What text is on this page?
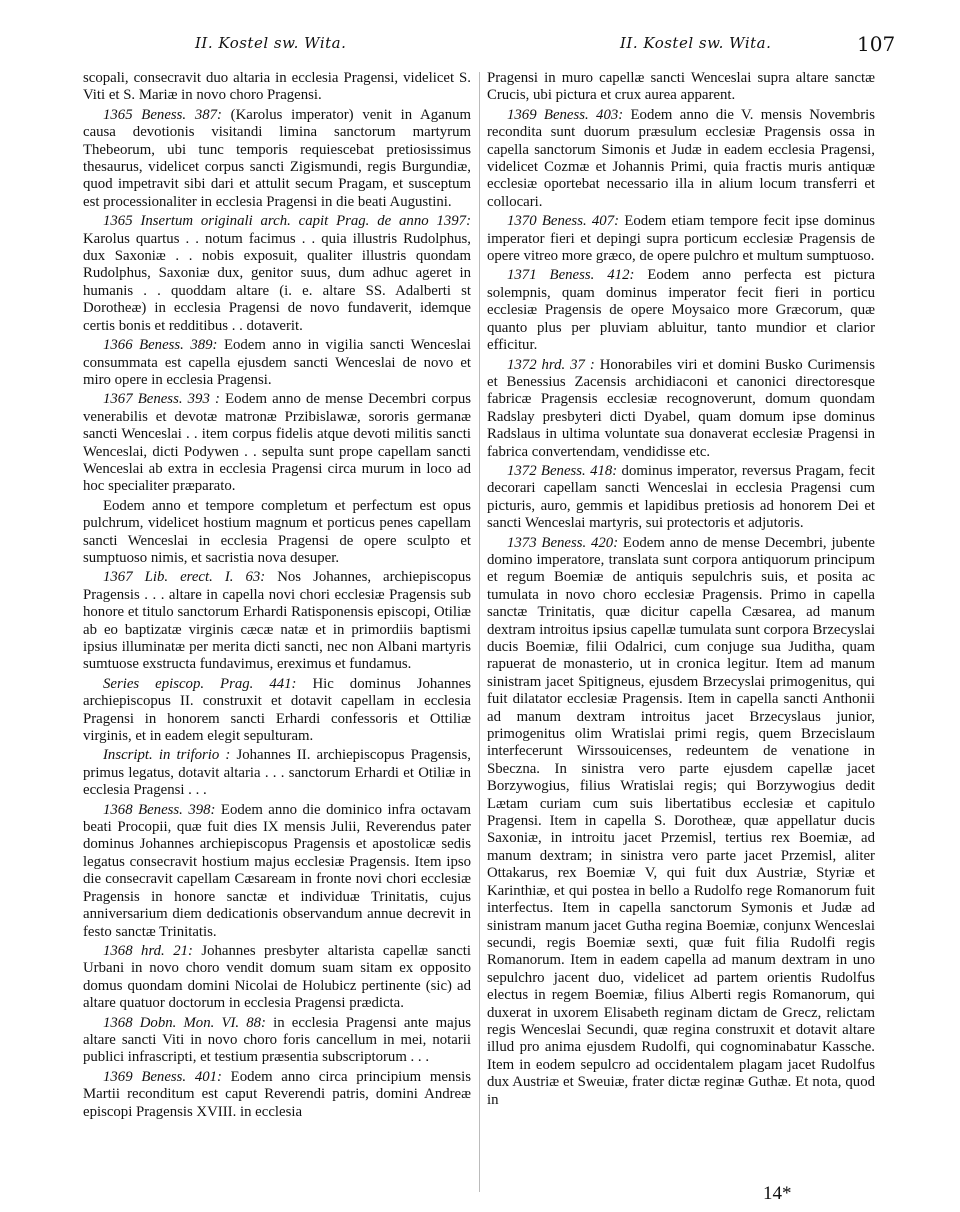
II. Kostel sw. Wita.	II. Kostel sw. Wita.	107

scopali, consecravit duo altaria in ecclesia Pragensi, videlicet S. Viti et S. Mariæ in novo choro Pragensi.

1365 Beness. 387: (Karolus imperator) venit in Aganum causa devotionis visitandi limina sanctorum martyrum Thebeorum, ubi tunc temporis requiescebat pretiosissimus thesaurus, videlicet corpus sancti Zigismundi, regis Burgundiæ, quod impetravit sibi dari et attulit secum Pragam, et susceptum est processionaliter in ecclesia Pragensi in die beati Augustini.

1365 Insertum originali arch. capit Prag. de anno 1397: Karolus quartus . . notum facimus . . quia illustris Rudolphus, dux Saxoniæ . . nobis exposuit, qualiter illustris quondam Rudolphus, Saxoniæ dux, genitor suus, dum adhuc ageret in humanis . . quoddam altare (i. e. altare SS. Adalberti st Dorotheæ) in ecclesia Pragensi de novo fundaverit, idemque certis bonis et redditibus . . dotaverit.

1366 Beness. 389: Eodem anno in vigilia sancti Wenceslai consummata est capella ejusdem sancti Wenceslai de novo et miro opere in ecclesia Pragensi.

1367 Beness. 393 : Eodem anno de mense Decembri corpus venerabilis et devotæ matronæ Przibislawæ, sororis germanæ sancti Wenceslai . . item corpus fidelis atque devoti militis sancti Wenceslai, dicti Podywen . . sepulta sunt prope capellam sancti Wenceslai ab extra in ecclesia Pragensi circa murum in loco ad hoc specialiter præparato.

Eodem anno et tempore completum et perfectum est opus pulchrum, videlicet hostium magnum et porticus penes capellam sancti Wenceslai in ecclesia Pragensi de opere sculpto et sumptuoso nimis, et sacristia nova desuper.

1367 Lib. erect. I. 63: Nos Johannes, archiepiscopus Pragensis . . . altare in capella novi chori ecclesiæ Pragensis sub honore et titulo sanctorum Erhardi Ratisponensis episcopi, Otiliæ ab eo baptizatæ virginis cæcæ natæ et in primordiis baptismi ipsius illuminatæ per merita dicti sancti, nec non Albani martyris sumtuose exstructa fundavimus, ereximus et fundamus.

Series episcop. Prag. 441: Hic dominus Johannes archiepiscopus II. construxit et dotavit capellam in ecclesia Pragensi in honorem sancti Erhardi confessoris et Ottiliæ virginis, et in eadem elegit sepulturam.

Inscript. in triforio : Johannes II. archiepiscopus Pragensis, primus legatus, dotavit altaria . . . sanctorum Erhardi et Otiliæ in ecclesia Pragensi . . .

1368 Beness. 398: Eodem anno die dominico infra octavam beati Procopii, quæ fuit dies IX mensis Julii, Reverendus pater dominus Johannes archiepiscopus Pragensis et apostolicæ sedis legatus consecravit hostium majus ecclesiæ Pragensis. Item ipso die consecravit capellam Cæsaream in fronte novi chori ecclesiæ Pragensis in honore sanctæ et individuæ Trinitatis, cujus anniversarium diem dedicationis observandum annue decrevit in festo sanctæ Trinitatis.

1368 hrd. 21: Johannes presbyter altarista capellæ sancti Urbani in novo choro vendit domum suam sitam ex opposito domus quondam domini Nicolai de Holubicz pertinente (sic) ad altare quatuor doctorum in ecclesia Pragensi prædicta.

1368 Dobn. Mon. VI. 88: in ecclesia Pragensi ante majus altare sancti Viti in novo choro foris cancellum in mei, notarii publici infrascripti, et testium præsentia subscriptorum . . .

1369 Beness. 401: Eodem anno circa principium mensis Martii reconditum est caput Reverendi patris, domini Andreæ episcopi Pragensis XVIII. in ecclesia

Pragensi in muro capellæ sancti Wenceslai supra altare sanctæ Crucis, ubi pictura et crux aurea apparent.

1369 Beness. 403: Eodem anno die V. mensis Novembris recondita sunt duorum præsulum ecclesiæ Pragensis ossa in capella sanctorum Simonis et Judæ in eadem ecclesia Pragensi, videlicet Cozmæ et Johannis Primi, quia fractis muris antiquæ ecclesiæ oportebat necessario illa in alium locum transferri et collocari.

1370 Beness. 407: Eodem etiam tempore fecit ipse dominus imperator fieri et depingi supra porticum ecclesiæ Pragensis de opere vitreo more græco, de opere pulchro et multum sumptuoso.

1371 Beness. 412: Eodem anno perfecta est pictura solempnis, quam dominus imperator fecit fieri in porticu ecclesiæ Pragensis de opere Moysaico more Græcorum, quæ quanto plus per pluviam abluitur, tanto mundior et clarior efficitur.

1372 hrd. 37 : Honorabiles viri et domini Busko Curimensis et Benessius Zacensis archidiaconi et canonici directoresque fabricæ Pragensis ecclesiæ recognoverunt, domum quondam Radslay presbyteri dicti Dyabel, quam domum ipse dominus Radslaus in ultima voluntate sua donaverat ecclesiæ Pragensi in fabrica convertendam, vendidisse etc.

1372 Beness. 418: dominus imperator, reversus Pragam, fecit decorari capellam sancti Wenceslai in ecclesia Pragensi cum picturis, auro, gemmis et lapidibus pretiosis ad honorem Dei et sancti Wenceslai martyris, sui protectoris et adjutoris.

1373 Beness. 420: Eodem anno de mense Decembri, jubente domino imperatore, translata sunt corpora antiquorum principum et regum Boemiæ de antiquis sepulchris suis, et posita ac tumulata in novo choro ecclesiæ Pragensis. Primo in capella sanctæ Trinitatis, quæ dicitur capella Cæsarea, ad manum dextram introitus ipsius capellæ tumulata sunt corpora Brzecyslai ducis Boemiæ, filii Odalrici, cum conjuge sua Juditha, quam rapuerat de monasterio, ut in cronica legitur. Item ad manum sinistram jacet Spitigneus, ejusdem Brzecyslai primogenitus, qui fuit dilatator ecclesiæ Pragensis. Item in capella sancti Anthonii ad manum dextram introitus jacet Brzecyslaus junior, primogenitus olim Wratislai primi regis, quem Brzecislaum interfecerunt Wirssouicenses, redeuntem de venatione in Sbeczna. In sinistra vero parte ejusdem capellæ jacet Borzywogius, filius Wratislai regis; qui Borzywogius dedit Lætam curiam cum suis libertatibus ecclesiæ et capitulo Pragensi. Item in capella S. Dorotheæ, quæ appellatur ducis Saxoniæ, in introitu jacet Przemisl, tertius rex Boemiæ, ad manum dextram; in sinistra vero parte jacet Przemisl, aliter Ottakarus, rex Boemiæ V, qui fuit dux Austriæ, Styriæ et Karinthiæ, et qui postea in bello a Rudolfo rege Romanorum fuit interfectus. Item in capella sanctorum Symonis et Judæ ad sinistram manum jacet Gutha regina Boemiæ, conjunx Wenceslai secundi, regis Boemiæ sexti, quæ fuit filia Rudolfi regis Romanorum. Item in eadem capella ad manum dextram in uno sepulchro jacent duo, videlicet ad partem orientis Rudolfus electus in regem Boemiæ, filius Alberti regis Romanorum, qui duxerat in uxorem Elisabeth reginam dictam de Grecz, relictam regis Wenceslai Secundi, quæ regina construxit et dotavit altare illud pro anima ejusdem Rudolfi, qui cognominabatur Kassche. Item in eodem sepulcro ad occidentalem plagam jacet Rudolfus dux Austriæ et Sweuiæ, frater dictæ reginæ Guthæ. Et nota, quod in

14*
